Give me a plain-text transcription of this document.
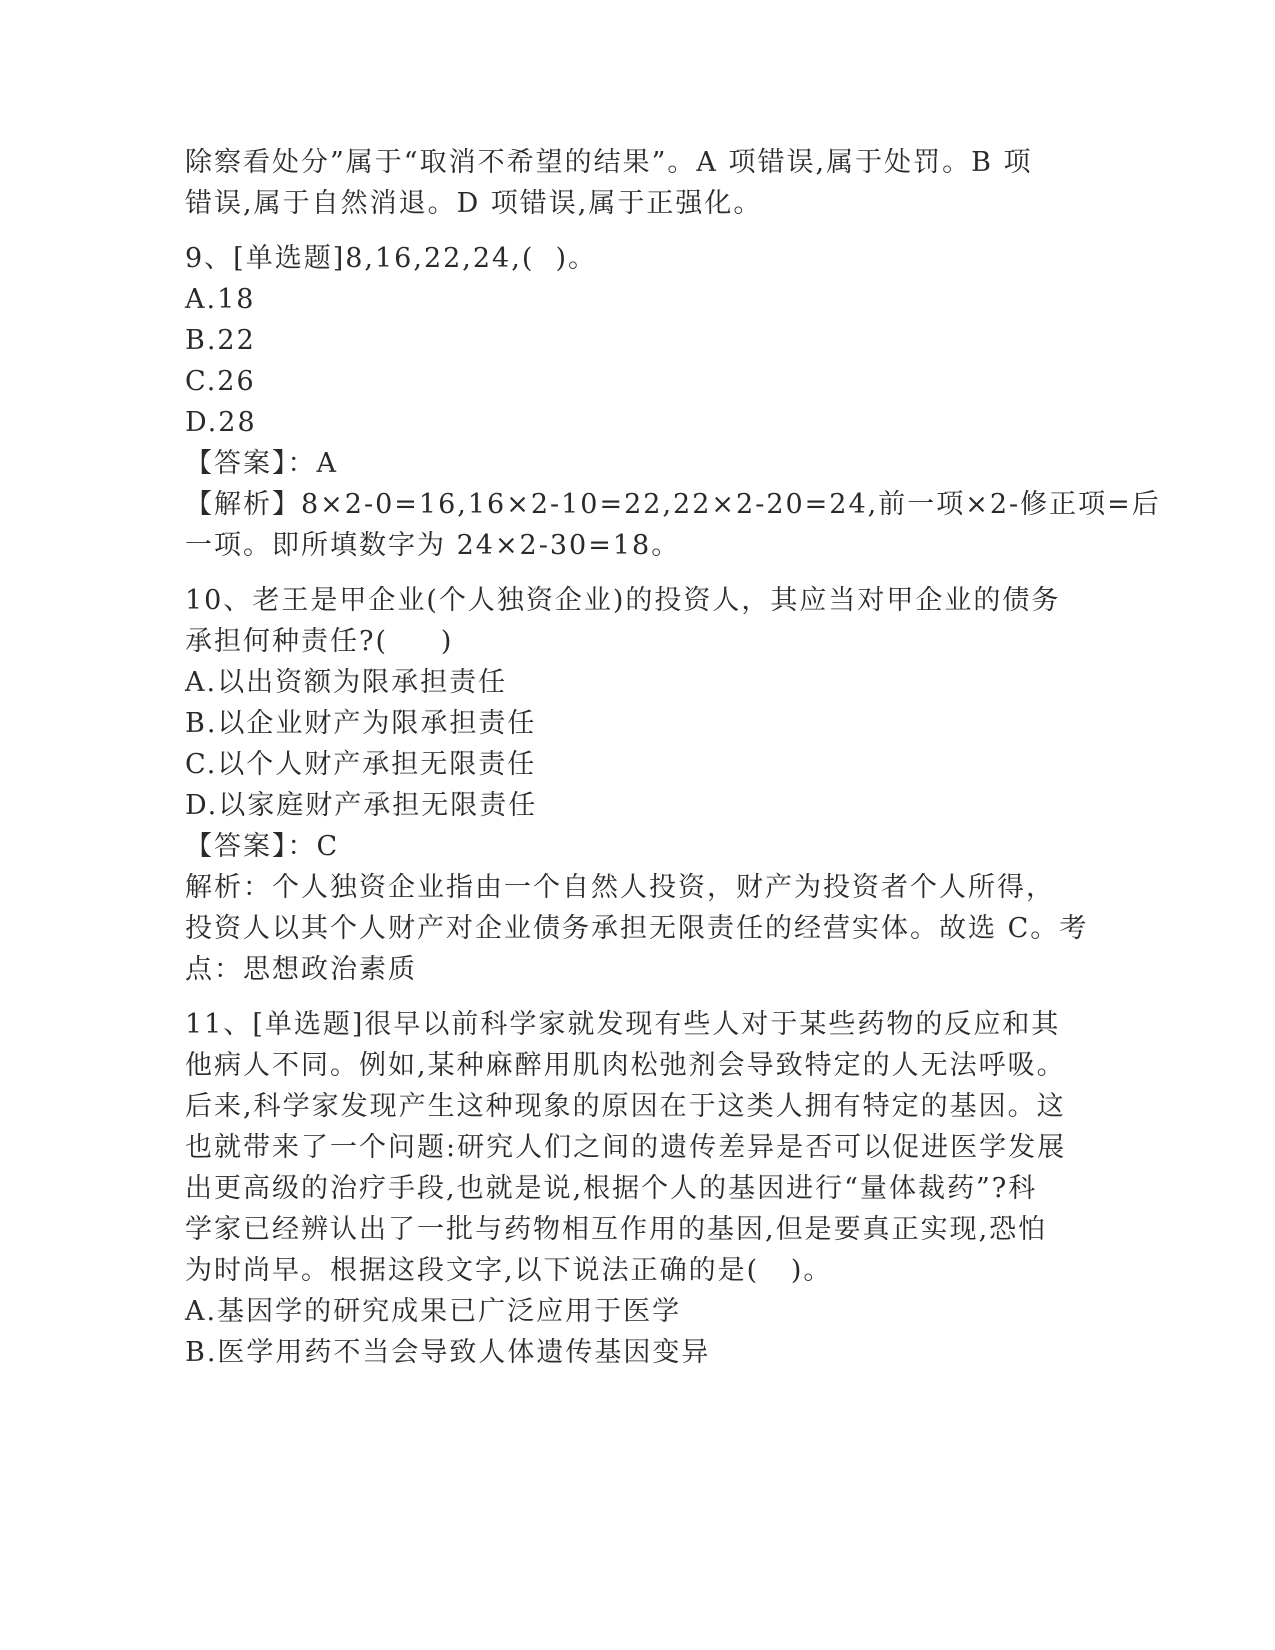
除察看处分”属于“取消不希望的结果”。A 项错误,属于处罚。B 项

错误,属于自然消退。D 项错误,属于正强化。

9、[单选题]8,16,22,24,(  )。

A.18

B.22

C.26

D.28

【答案】：A

【解析】8×2-0=16,16×2-10=22,22×2-20=24,前一项×2-修正项=后

一项。即所填数字为 24×2-30=18。

10、老王是甲企业(个人独资企业)的投资人，其应当对甲企业的债务

承担何种责任?(     )

A.以出资额为限承担责任

B.以企业财产为限承担责任

C.以个人财产承担无限责任

D.以家庭财产承担无限责任

【答案】：C

解析：个人独资企业指由一个自然人投资，财产为投资者个人所得，

投资人以其个人财产对企业债务承担无限责任的经营实体。故选 C。考

点：思想政治素质

11、[单选题]很早以前科学家就发现有些人对于某些药物的反应和其

他病人不同。例如,某种麻醉用肌肉松弛剂会导致特定的人无法呼吸。

后来,科学家发现产生这种现象的原因在于这类人拥有特定的基因。这

也就带来了一个问题:研究人们之间的遗传差异是否可以促进医学发展

出更高级的治疗手段,也就是说,根据个人的基因进行“量体裁药”?科

学家已经辨认出了一批与药物相互作用的基因,但是要真正实现,恐怕

为时尚早。根据这段文字,以下说法正确的是(   )。

A.基因学的研究成果已广泛应用于医学

B.医学用药不当会导致人体遗传基因变异
